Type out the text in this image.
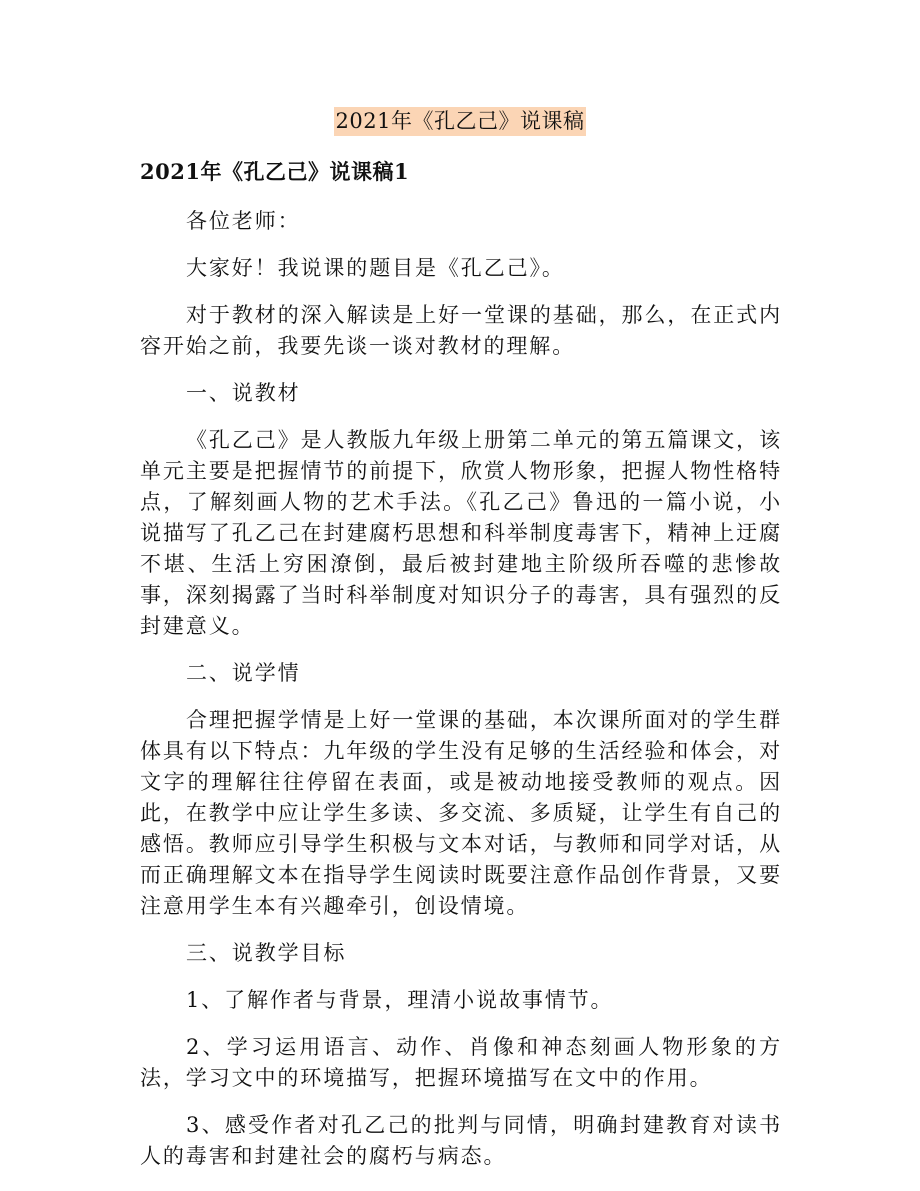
2021年《孔乙己》说课稿
2021年《孔乙己》说课稿1

各位老师：

大家好！我说课的题目是《孔乙己》。

对于教材的深入解读是上好一堂课的基础，那么，在正式内容开始之前，我要先谈一谈对教材的理解。

一、说教材

《孔乙己》是人教版九年级上册第二单元的第五篇课文，该单元主要是把握情节的前提下，欣赏人物形象，把握人物性格特点，了解刻画人物的艺术手法。《孔乙己》鲁迅的一篇小说，小说描写了孔乙己在封建腐朽思想和科举制度毒害下，精神上迂腐不堪、生活上穷困潦倒，最后被封建地主阶级所吞噬的悲惨故事，深刻揭露了当时科举制度对知识分子的毒害，具有强烈的反封建意义。

二、说学情

合理把握学情是上好一堂课的基础，本次课所面对的学生群体具有以下特点：九年级的学生没有足够的生活经验和体会，对文字的理解往往停留在表面，或是被动地接受教师的观点。因此，在教学中应让学生多读、多交流、多质疑，让学生有自己的感悟。教师应引导学生积极与文本对话，与教师和同学对话，从而正确理解文本在指导学生阅读时既要注意作品创作背景，又要注意用学生本有兴趣牵引，创设情境。

三、说教学目标

1、了解作者与背景，理清小说故事情节。

2、学习运用语言、动作、肖像和神态刻画人物形象的方法，学习文中的环境描写，把握环境描写在文中的作用。

3、感受作者对孔乙己的批判与同情，明确封建教育对读书人的毒害和封建社会的腐朽与病态。
